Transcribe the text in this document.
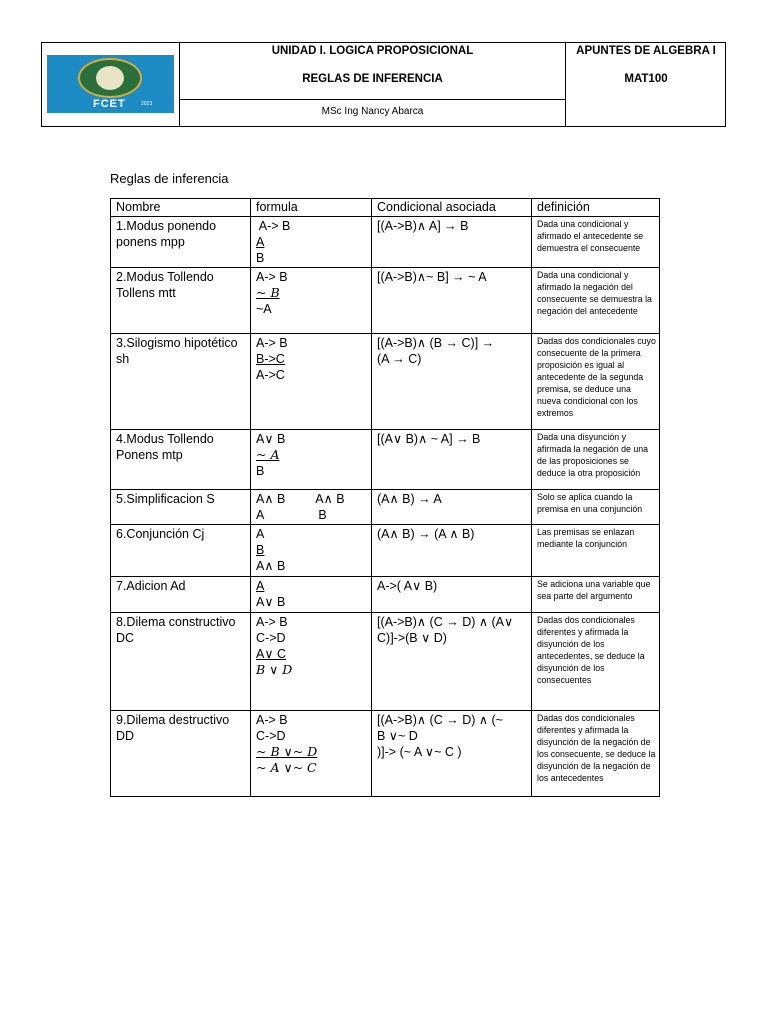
FCET	2023
UNIDAD I. LOGICA PROPOSICIONAL
REGLAS DE INFERENCIA
MSc Ing Nancy Abarca
APUNTES DE ALGEBRA I
MAT100
Reglas de inferencia
Nombre	formula	Condicional asociada	definición
1.Modus ponendo ponens mpp	A-> B
A
B	[(A->B)∧ A] → B	Dada una condicional y afirmado el antecedente se demuestra el consecuente
2.Modus Tollendo Tollens mtt	A-> B
~ B
~A	[(A->B)∧~ B] → ~ A	Dada una condicional y afirmado la negación del consecuente se demuestra la negación del antecedente
3.Silogismo hipotético sh	A-> B
B->C
A->C	[(A->B)∧ (B → C)] →
(A → C)	Dadas dos condicionales cuyo consecuente de la primera proposición es igual al antecedente de la segunda premisa, se deduce una nueva condicional con los extremos
4.Modus Tollendo Ponens mtp	A∨ B
~ A
B	[(A∨ B)∧ ~ A] → B	Dada una disyunción y afirmada la negación de una de las proposiciones se deduce la otra proposición
5.Simplificacion S	A∧ B A∧ B
A B	(A∧ B) → A	Solo se aplica cuando la premisa en una conjunción
6.Conjunción Cj	A
B
A∧ B	(A∧ B) → (A ∧ B)	Las premisas se enlazan mediante la conjunción
7.Adicion Ad	A
A∨ B	A->( A∨ B)	Se adiciona una variable que sea parte del argumento
8.Dilema constructivo DC	A-> B
C->D
A∨ C
B ∨ D	[(A->B)∧ (C → D) ∧ (A∨
C)]->(B ∨ D)	Dadas dos condicionales diferentes y afirmada la disyunción de los antecedentes, se deduce la disyunción de los consecuentes
9.Dilema destructivo DD	A-> B
C->D
~ B ∨~ D
~ A ∨~ C	[(A->B)∧ (C → D) ∧ (~
B ∨~ D
)]-> (~ A ∨~ C )	Dadas dos condicionales diferentes y afirmada la disyunción de la negación de los consecuente, se deduce la disyunción de la negación de los antecedentes
